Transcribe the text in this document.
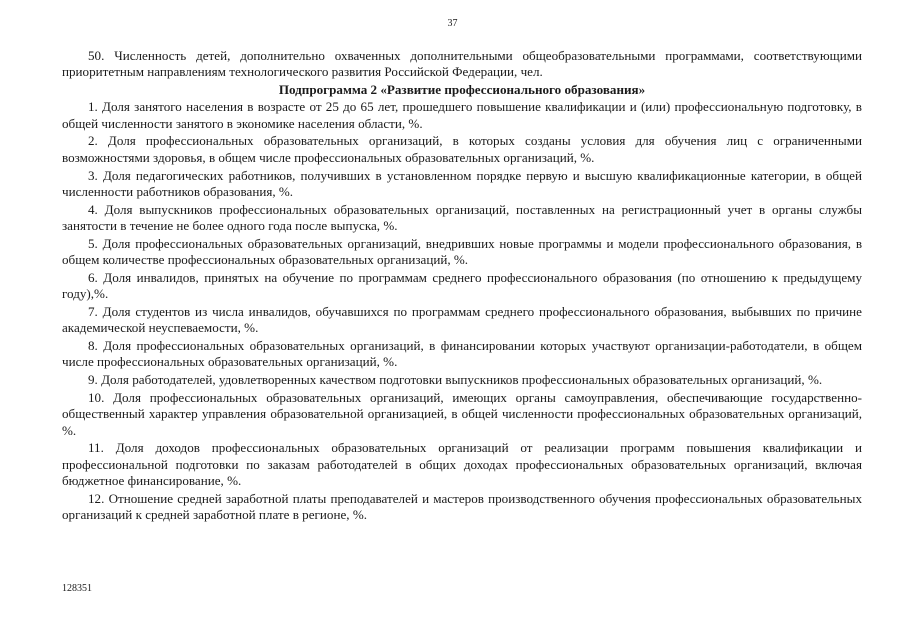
37

50. Численность детей, дополнительно охваченных дополнительными общеобразовательными программами, соответствующими приоритетным направлениям технологического развития Российской Федерации, чел.

Подпрограмма 2 «Развитие профессионального образования»

1. Доля занятого населения в возрасте от 25 до 65 лет, прошедшего повышение квалификации и (или) профессиональную подготовку, в общей численности занятого в экономике населения области, %.

2. Доля профессиональных образовательных организаций, в которых созданы условия для обучения лиц с ограниченными возможностями здоровья, в общем числе профессиональных образовательных организаций, %.

3. Доля педагогических работников, получивших в установленном порядке первую и высшую квалификационные категории, в общей численности работников образования, %.

4. Доля выпускников профессиональных образовательных организаций, поставленных на регистрационный учет в органы службы занятости в течение не более одного года после выпуска, %.

5. Доля профессиональных образовательных организаций, внедривших новые программы и модели профессионального образования, в общем количестве профессиональных образовательных организаций, %.

6. Доля инвалидов, принятых на обучение по программам среднего профессионального образования (по отношению к предыдущему году),%.

7. Доля студентов из числа инвалидов, обучавшихся по программам среднего профессионального образования, выбывших по причине академической неуспеваемости, %.

8. Доля профессиональных образовательных организаций, в финансировании которых участвуют организации-работодатели, в общем числе профессиональных образовательных организаций, %.

9. Доля работодателей, удовлетворенных качеством подготовки выпускников профессиональных образовательных организаций, %.

10. Доля профессиональных образовательных организаций, имеющих органы самоуправления, обеспечивающие государственно-общественный характер управления образовательной организацией, в общей численности профессиональных образовательных организаций, %.

11. Доля доходов профессиональных образовательных организаций от реализации программ повышения квалификации и профессиональной подготовки по заказам работодателей в общих доходах профессиональных образовательных организаций, включая бюджетное финансирование, %.

12. Отношение средней заработной платы преподавателей и мастеров производственного обучения профессиональных образовательных организаций к средней заработной плате в регионе, %.

128351
